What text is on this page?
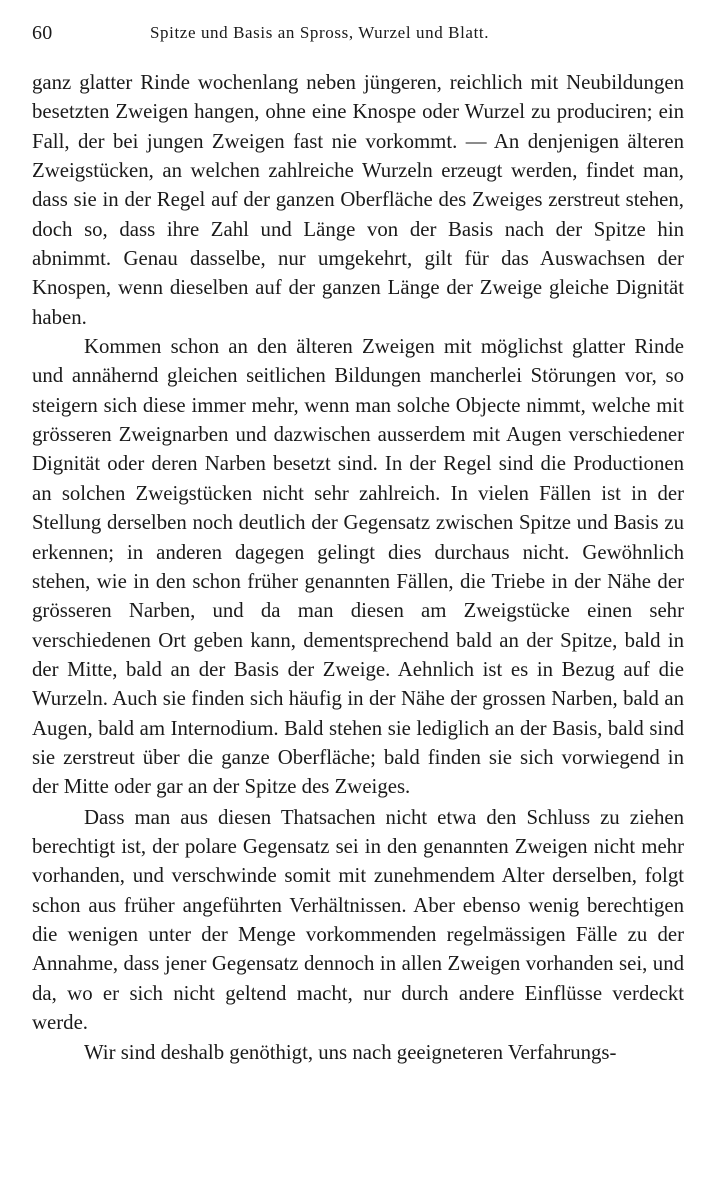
60	Spitze und Basis an Spross, Wurzel und Blatt.

ganz glatter Rinde wochenlang neben jüngeren, reichlich mit Neubildungen besetzten Zweigen hangen, ohne eine Knospe oder Wurzel zu produciren; ein Fall, der bei jungen Zweigen fast nie vorkommt. — An denjenigen älteren Zweigstücken, an welchen zahlreiche Wurzeln erzeugt werden, findet man, dass sie in der Regel auf der ganzen Oberfläche des Zweiges zerstreut stehen, doch so, dass ihre Zahl und Länge von der Basis nach der Spitze hin abnimmt. Genau dasselbe, nur umgekehrt, gilt für das Auswachsen der Knospen, wenn dieselben auf der ganzen Länge der Zweige gleiche Dignität haben.

Kommen schon an den älteren Zweigen mit möglichst glatter Rinde und annähernd gleichen seitlichen Bildungen mancherlei Störungen vor, so steigern sich diese immer mehr, wenn man solche Objecte nimmt, welche mit grösseren Zweignarben und dazwischen ausserdem mit Augen verschiedener Dignität oder deren Narben besetzt sind. In der Regel sind die Productionen an solchen Zweigstücken nicht sehr zahlreich. In vielen Fällen ist in der Stellung derselben noch deutlich der Gegensatz zwischen Spitze und Basis zu erkennen; in anderen dagegen gelingt dies durchaus nicht. Gewöhnlich stehen, wie in den schon früher genannten Fällen, die Triebe in der Nähe der grösseren Narben, und da man diesen am Zweigstücke einen sehr verschiedenen Ort geben kann, dementsprechend bald an der Spitze, bald in der Mitte, bald an der Basis der Zweige. Aehnlich ist es in Bezug auf die Wurzeln. Auch sie finden sich häufig in der Nähe der grossen Narben, bald an Augen, bald am Internodium. Bald stehen sie lediglich an der Basis, bald sind sie zerstreut über die ganze Oberfläche; bald finden sie sich vorwiegend in der Mitte oder gar an der Spitze des Zweiges.

Dass man aus diesen Thatsachen nicht etwa den Schluss zu ziehen berechtigt ist, der polare Gegensatz sei in den genannten Zweigen nicht mehr vorhanden, und verschwinde somit mit zunehmendem Alter derselben, folgt schon aus früher angeführten Verhältnissen. Aber ebenso wenig berechtigen die wenigen unter der Menge vorkommenden regelmässigen Fälle zu der Annahme, dass jener Gegensatz dennoch in allen Zweigen vorhanden sei, und da, wo er sich nicht geltend macht, nur durch andere Einflüsse verdeckt werde.

Wir sind deshalb genöthigt, uns nach geeigneteren Verfahrungs-
